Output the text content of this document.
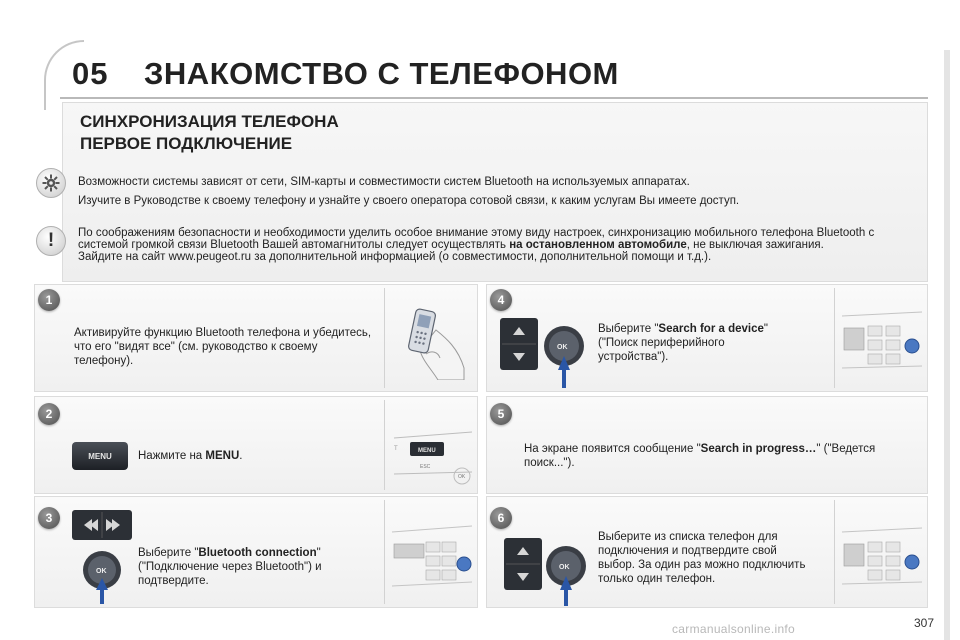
05 ЗНАКОМСТВО С ТЕЛЕФОНОМ
СИНХРОНИЗАЦИЯ ТЕЛЕФОНА
ПЕРВОЕ ПОДКЛЮЧЕНИЕ
Возможности системы зависят от сети, SIM-карты и совместимости систем Bluetooth на используемых аппаратах.
Изучите в Руководстве к своему телефону и узнайте у своего оператора сотовой связи, к каким услугам Вы имеете доступ.
!	По соображениям безопасности и необходимости уделить особое внимание этому виду настроек, синхронизацию мобильного телефона Bluetooth с системой громкой связи Bluetooth Вашей автомагнитолы следует осуществлять на остановленном автомобиле, не выключая зажигания.
Зайдите на сайт www.peugeot.ru за дополнительной информацией (о совместимости, дополнительной помощи и т.д.).
1
2
3
4
5
6
Активируйте функцию Bluetooth телефона и убедитесь, что его "видят все" (см. руководство к своему телефону).
MENU Нажмите на MENU.	MENU
ESC
OK
T
OK
Выберите "Bluetooth connection" ("Подключение через Bluetooth") и подтвердите.
OK
Выберите "Search for a device" ("Поиск периферийного устройства").
На экране появится сообщение "Search in progress…" ("Ведется поиск...").
OK
Выберите из списка телефон для подключения и подтвердите свой выбор. За один раз можно подключить только один телефон.
carmanualsonline.info	307
